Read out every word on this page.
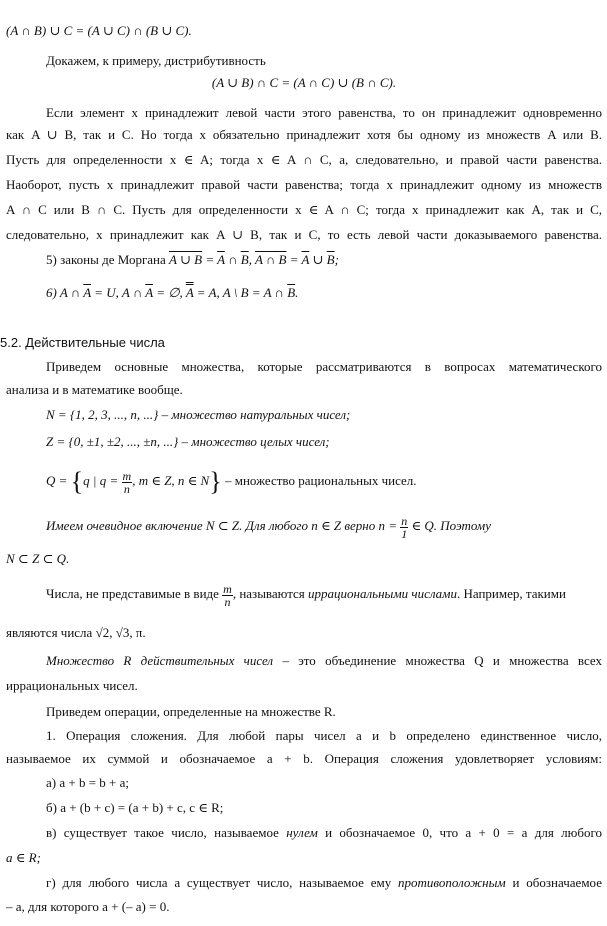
(A ∩ B) ∪ C = (A ∪ C) ∩ (B ∪ C).
Докажем, к примеру, дистрибутивность
(A ∪ B) ∩ C = (A ∩ C) ∪ (B ∩ C).
Если элемент x принадлежит левой части этого равенства, то он принадлежит одновременно
как A ∪ B, так и C. Но тогда x обязательно принадлежит хотя бы одному из множеств A или B.
Пусть для определенности x ∈ A; тогда x ∈ A ∩ C, а, следовательно, и правой части равенства.
Наоборот, пусть x принадлежит правой части равенства; тогда x принадлежит одному из множеств
A ∩ C или B ∩ C. Пусть для определенности x ∈ A ∩ C; тогда x принадлежит как A, так и C,
следовательно, x принадлежит как A ∪ B, так и C, то есть левой части доказываемого равенства.
5) законы де Моргана A ∪ $B = \overline{A}$ ∩ $\overline{B}$, A ∩ $B = \overline{A}$ ∪ $\overline{B}$;
6) A ∩ $\overline{A} = U$, A ∩ $\overline{A}$ = ∅, A = A, A \ B = A ∩ $\overline{B}$.
5.2. Действительные числа
Приведем основные множества, которые рассматриваются в вопросах математического
анализа и в математике вообще.
N = {1, 2, 3, ..., n, ...} – множество натуральных чисел;
Z = {0, ±1, ±2, ..., ±n, ...} – множество целых чисел;
Q = {q | $q = \frac{m}{n}$ , m ∈ Z, n ∈ N} – множество рациональных чисел.
Имеем очевидное включение N ⊂ Z. Для любого n ∈ Z верно $n = \frac{n}{1}$ ∈ Q. Поэтому
N ⊂ Z ⊂ Q.
Числа, не представимые в виде $\frac{m}{n}$ , называются иррациональными числами. Например, такими
являются числа √2, √3, π.
Множество R действительных чисел – это объединение множества Q и множества всех
иррациональных чисел.
Приведем операции, определенные на множестве R.
1. Операция сложения. Для любой пары чисел a и b определено единственное число,
называемое их суммой и обозначаемое a + b. Операция сложения удовлетворяет условиям:
а) a + b = b + a;
б) a + (b + c) = (a + b) + c, c ∈ R;
в) существует такое число, называемое нулем и обозначаемое 0, что a + 0 = a для любого
a ∈ R;
г) для любого числа a существует число, называемое ему противоположным и обозначаемое
– a, для которого a + (– a) = 0.
